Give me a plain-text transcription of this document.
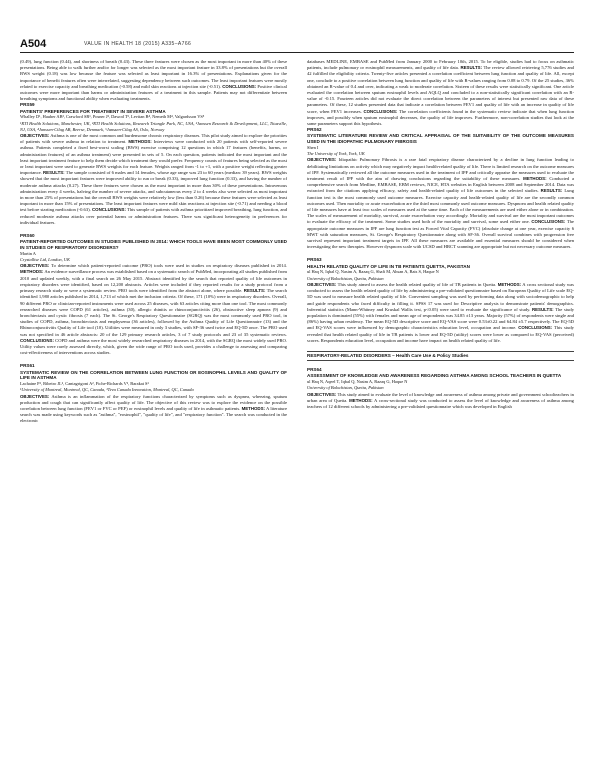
A504	VALUE IN HEALTH 18 (2015) A335–A766

(0.49), lung function (0.44), and shortness of breath (0.43). These three features were chosen as the most important in more than 40% of these presentations. Being able to walk further and/or for longer was selected as the most important feature in 33.8% of presentations but the overall BWS weight (0.18) was low because the feature was selected as least important in 16.3% of presentations. Explanations given for the importance of benefit features often were interrelated, suggesting dependency between such outcomes. The least important features were mostly related to exercise capacity and breathing medication (-0.58) and mild skin reactions at injection site (-0.51). CONCLUSIONS: Positive clinical outcomes were more important than harms or administration features of a treatment in this sample. Patients may not differentiate between breathing symptoms and functional ability when evaluating treatments.

PRS59

PATIENTS' PREFERENCES FOR TREATMENT IN SEVERE ASTHMA

Whalley D¹, Hauber AB², Crawford SR¹, Posner J², Dawod T³, Levitan B⁴, Nemeth M⁴, Valgardsson VS⁵

¹RTI Health Solutions, Manchester, UK, ²RTI Health Solutions, Research Triangle Park, NC, USA, ³Janssen Research & Development, LLC, Titusville, NJ, USA, ⁴Janssen-Cilag AB, Beerse, Denmark, ⁵Janssen-Cilag AS, Oslo, Norway

OBJECTIVES: Asthma is one of the most common and burdensome chronic respiratory diseases. This pilot study aimed to explore the priorities of patients with severe asthma in relation to treatment. METHODS: Interviews were conducted with 20 patients with self-reported severe asthma. Patients completed a fixed best-worst scaling (BWS) exercise comprising 12 questions in which 17 features (benefits, harms, or administration features) of an asthma treatment) were presented in sets of 5. On each question, patients indicated the most important and the least important treatment feature to help them decide which treatment they would prefer. Frequency counts of features being selected as the most or least important were used to generate BWS weights for each feature. Weights ranged from -1 to +1, with a positive weight reflecting greater importance. RESULTS: The sample consisted of 6 males and 14 females, whose age range was 23 to 60 years (median: 39 years). BWS weights showed that the most important features were improved ability to run or break (0.33), improved lung function (0.33), and having the number of moderate asthma attacks (0.27). These three features were chosen as the most important in more than 30% of these presentations. Intravenous administration every 4 weeks, halving the number of severe attacks, and subcutaneous every 2 to 4 weeks also were selected as most important in more than 25% of presentations but the overall BWS weights were relatively low (less than 0.26) because these features were selected as least important in more than 15% of presentations. The least important features were mild skin reactions at injection site (-0.71) and needing a blood test before starting medication (-0.63). CONCLUSIONS: This sample of patients with asthma prioritized improved breathing, lung function, and reduced moderate asthma attacks over potential harms or administration features. There was significant heterogeneity in preferences for individual features.

PRS60

PATIENT-REPORTED OUTCOMES IN STUDIES PUBLISHED IN 2014: WHICH TOOLS HAVE BEEN MOST COMMONLY USED IN STUDIES OF RESPIRATORY DISORDERS?

Martin A

Crystallise Ltd, London, UK

OBJECTIVES: To determine which patient-reported outcome (PRO) tools were used in studies on respiratory diseases published in 2014. METHODS: An evidence surveillance process was established based on a systematic search of PubMed, incorporating all studies published from 2010 and updated weekly, with a final search on 26 May 2015. Abstract identified by the search that reported quality of life outcomes in respiratory disorders were identified, based on 12,200 abstracts. Articles were included if they reported results for a study protocol from a primary research study or were a systematic review. PRO tools were identified from the abstract alone, where possible. RESULTS: The search identified 1,980 articles published in 2014, 1,713 of which met the inclusion criteria. Of these, 171 (10%) were in respiratory disorders. Overall, 90 different PRO or clinician-reported instruments were used across 25 diseases, with 63 articles citing more than one tool. The most commonly researched diseases were COPD (61 articles), asthma (30), allergic rhinitis or rhinoconjunctivitis (26), obstructive sleep apnoea (9) and bronchiectasis and cystic fibrosis (7 each). The St. George's Respiratory Questionnaire (SGRQ) was the most commonly used PRO tool, in studies of COPD, asthma, bronchiectasis and emphysema (36 articles), followed by the Asthma Quality of Life Questionnaire (13) and the Rhinoconjunctivitis Quality of Life tool (10). Utilities were measured in only 3 studies, with SF-36 used twice and EQ-5D once. The PRO used was not specified in 46 article abstracts: 20 of the 129 primary research articles, 3 of 7 study protocols and 23 of 35 systematic reviews. CONCLUSIONS: COPD and asthma were the most widely researched respiratory diseases in 2014, with the SGRQ the most widely used PRO. Utility values were rarely assessed directly, which, given the wide range of PRO tools used, provides a challenge to assessing and comparing cost-effectiveness of interventions across studies.

PRS61

SYSTEMATIC REVIEW ON THE CORRELATION BETWEEN LUNG FUNCTION OR EOSINOPHIL LEVELS AND QUALITY OF LIFE IN ASTHMA

Lachaine P¹, Ribeiro JL², Cantagrigoni A², Fiche-Richards V², Barakat S³

¹University of Montreal, Montreal, QC, Canada, ²Teva Canada Innovation, Montreal, QC, Canada

OBJECTIVES: Asthma is an inflammation of the respiratory functions characterized by symptoms such as dyspnea, wheezing, sputum production and cough that can significantly affect quality of life. The objective of this review was to explore the evidence on the possible correlation between lung function (FEV1 or FVC or PEF) or eosinophil levels and quality of life in asthmatic patients. METHODS: A literature search was made using keywords such as "asthma", "eosinophil", "quality of life", and "respiratory function". The search was conducted in the electronic

databases MEDLINE, EMBASE and PubMed from January 2000 to February 10th, 2015. To be eligible, studies had to focus on asthmatic patients, include pulmonary or eosinophil measurements, and quality of life data. RESULTS: The review allowed retrieving 5,776 studies and 42 fulfilled the eligibility criteria. Twenty-five articles presented a correlation coefficient between lung function and quality of life. All, except one, conclude to a positive correlation between lung function and quality of life with R-values ranging from 0.08 to 0.79. Of the 25 studies, 36% obtained an R-value of 0.4 and over, indicating a weak to moderate correlation. Sixteen of these results were statistically significant. One article evaluated the correlation between sputum eosinophil levels and AQLQ and concluded to a non-statistically significant correlation with an R-value of -0.15. Fourteen articles did not evaluate the direct correlation between the parameters of interest but presented raw data of these parameters. Of these, 12 studies presented data that indicate a correlation between FEV1 and quality of life with an increase in quality of life score, when FEV1 increases. CONCLUSIONS: The correlation coefficients found in the systematic review indicate that when lung function improves, and possibly when sputum eosinophil decreases, the quality of life improves. Furthermore, non-correlation studies that look at the same parameters support this hypothesis.

PRS62

SYSTEMATIC LITERATURE REVIEW AND CRITICAL APPRAISAL OF THE SUITABILITY OF THE OUTCOME MEASURES USED IN THE IDIOPATHIC PULMONARY FIBROSIS

Shen I

The University of York, York, UK

OBJECTIVES: Idiopathic Pulmonary Fibrosis is a rare fatal respiratory disease characterized by a decline in lung function leading to debilitating limitations on activity which may negatively impact health-related quality of life. There is limited research on the outcome measures of IPF. Systematically reviewed all the outcome measures used in the treatment of IPF and critically appraise the measures used to evaluate the treatment result of IPF with the aim of drawing conclusions regarding the suitability of these measures. METHODS: Conducted a comprehensive search from Medline, EMBASE, EBM reviews, NICE, HTA websites in English between 2008 and September 2014. Data was extracted from the citations applying efficacy, safety and health-related quality of life outcomes in the selected studies. RESULTS: Lung function test is the most commonly used outcome measures. Exercise capacity and health-related quality of life are the secondly common outcomes used. Then mortality or acute exacerbation are the third most commonly used outcome measures. Dyspnoea and health related quality of life measures have at least two scales of measures used at the same time. Each of the measurements are used either alone or in combination. The scales of measurement of mortality, survival, acute exacerbation vary accordingly. Mortality and survival are the most important outcomes to evaluate the efficacy of the treatment. Some studies used both of the mortality and survival, some used either one. CONCLUSIONS: The appropriate outcome measures in IPF are lung function test as Forced Vital Capacity (FVC) (absolute change at one year, exercise capacity 6 MWT with saturation measures, St. George's Respiratory Questionnaire along with SF-36. Overall survival combines with progression free survival represent important treatment targets in IPF. All these measures are available and essential measures should be considered when investigating the new therapies. However dyspnoea scale with UCSD and HRCT scanning are appropriate but not necessary outcome measures.

PRS63

HEALTH RELATED QUALITY OF LIFE IN TB PATIENTS QUETTA, PAKISTAN

ul Haq N, Iqbal Q, Nasim A, Razaq G, Shafi M, Ahsan A, Bais S, Haque N

University of Balochistan, Quetta, Pakistan

OBJECTIVES: This study aimed to assess the health related quality of life of TB patients in Quetta. METHODS: A cross sectional study was conducted to assess the health related quality of life by administering a pre-validated questionnaire based on European Quality of Life scale EQ-5D was used to measure health related quality of life. Convenient sampling was used by performing data along with sociodemographic to help and guide respondents who faced difficulty in filling it. SPSS 17 was used for Descriptive analysis to demonstrate patients' demographics. Inferential statistics (Mann-Whitney and Kruskal Wallis test, p<0.05) were used to evaluate the significance of study. RESULTS: The study population is dominated (55%) with females and mean age of respondents was 34.85 ±13 years. Majority (57%) of respondents were single and (86%) having urban residency. The mean EQ-5D descriptive score and EQ-VAS score were 0.53±0.22 and 64.84 ±5.7 respectively. The EQ-5D and EQ-VAS scores were influenced by demographic characteristics education level, occupation and income. CONCLUSIONS: This study revealed that health related quality of life in TB patients is lower and EQ-5D (utility) scores were lower as compared to EQ-VAS (perceived) scores. Respondents education level, occupation and income have impact on health related quality of life.

RESPIRATORY-RELATED DISORDERS – Health Care Use & Policy Studies

PRS64

ASSESSMENT OF KNOWLEDGE AND AWARENESS REGARDING ASTHMA AMONG SCHOOL TEACHERS IN QUETTA

ul Haq N, Aqeel T, Iqbal Q, Nasim A, Razaq G, Haque N

University of Balochistan, Quetta, Pakistan

OBJECTIVES: This study aimed to evaluate the level of knowledge and awareness of asthma among private and government schoolteachers in urban area of Quetta. METHODS: A cross-sectional study was conducted to assess the level of knowledge and awareness of asthma among teachers of 12 different schools by administering a pre-validated questionnaire which was developed in English
